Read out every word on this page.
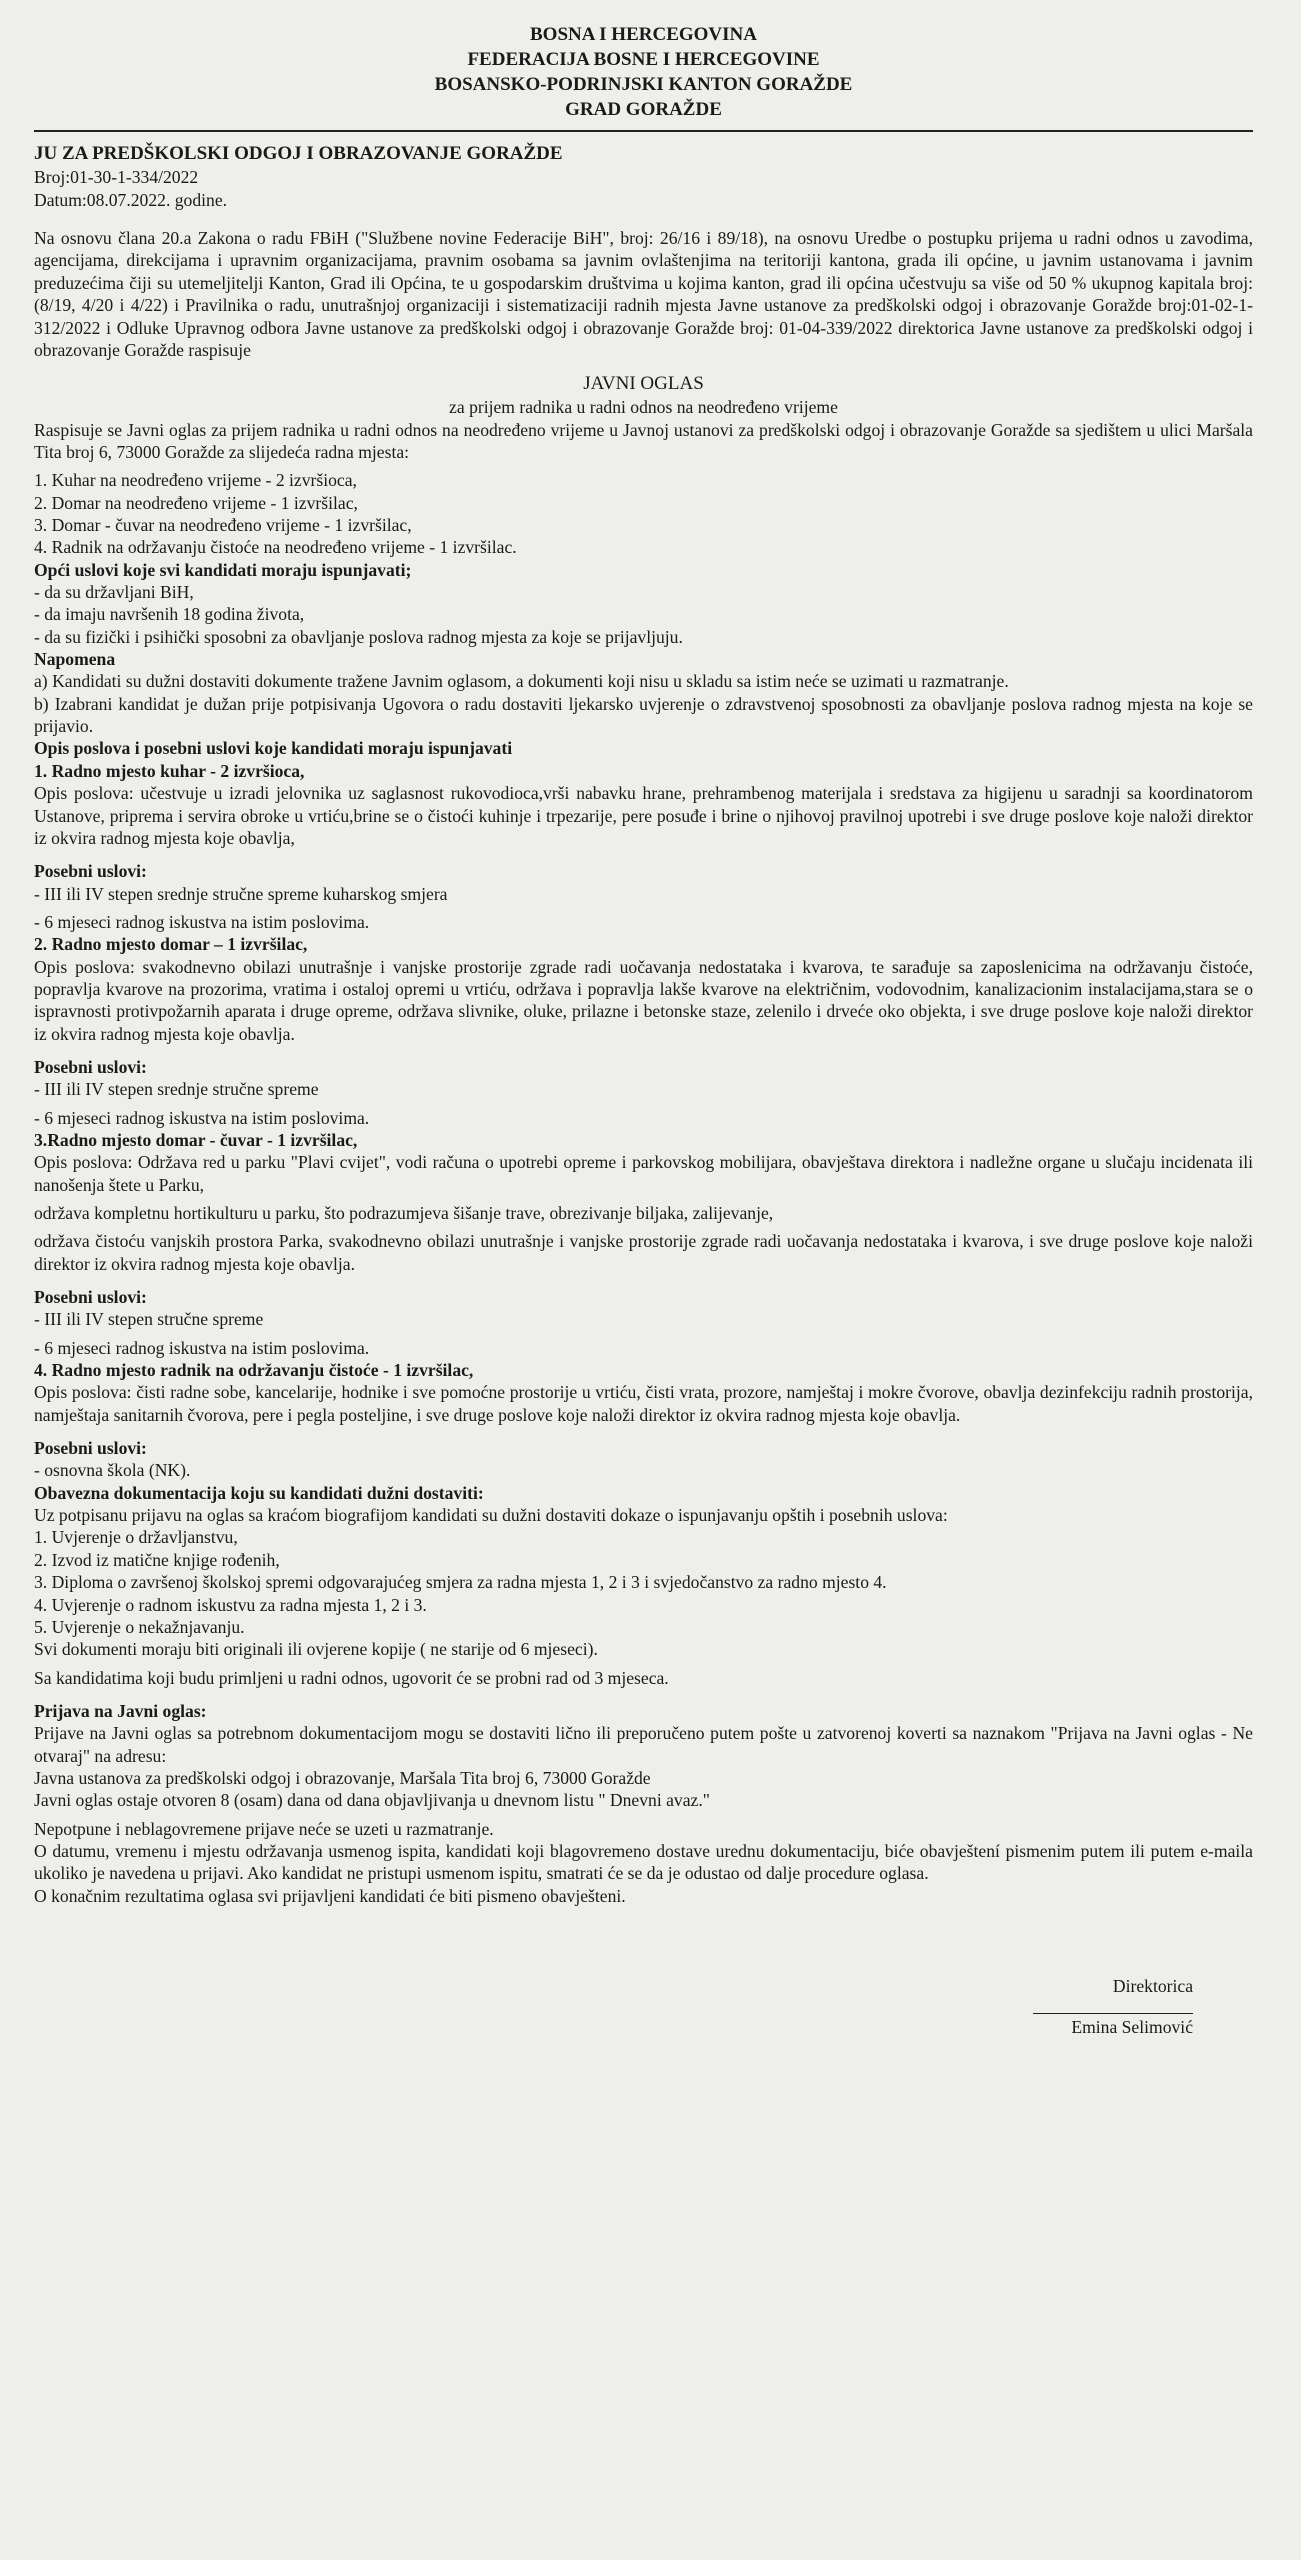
BOSNA I HERCEGOVINA
FEDERACIJA BOSNE I HERCEGOVINE
BOSANSKO-PODRINJSKI KANTON GORAŽDE
GRAD GORAŽDE

JU ZA PREDŠKOLSKI ODGOJ I OBRAZOVANJE GORAŽDE

Broj:01-30-1-334/2022

Datum:08.07.2022. godine.

Na osnovu člana 20.a Zakona o radu FBiH ("Službene novine Federacije BiH", broj: 26/16 i 89/18), na osnovu Uredbe o postupku prijema u radni odnos u zavodima, agencijama, direkcijama i upravnim organizacijama, pravnim osobama sa javnim ovlaštenjima na teritoriji kantona, grada ili općine, u javnim ustanovama i javnim preduzećima čiji su utemeljitelji Kanton, Grad ili Općina, te u gospodarskim društvima u kojima kanton, grad ili općina učestvuju sa više od 50 % ukupnog kapitala broj: (8/19, 4/20 i 4/22) i Pravilnika o radu, unutrašnjoj organizaciji i sistematizaciji radnih mjesta Javne ustanove za predškolski odgoj i obrazovanje Goražde broj:01-02-1-312/2022 i Odluke Upravnog odbora Javne ustanove za predškolski odgoj i obrazovanje Goražde broj: 01-04-339/2022 direktorica Javne ustanove za predškolski odgoj i obrazovanje Goražde raspisuje

JAVNI OGLAS

za prijem radnika u radni odnos na neodređeno vrijeme

Raspisuje se Javni oglas za prijem radnika u radni odnos na neodređeno vrijeme u Javnoj ustanovi za predškolski odgoj i obrazovanje Goražde sa sjedištem u ulici Maršala Tita broj 6, 73000 Goražde za slijedeća radna mjesta:

1. Kuhar na neodređeno vrijeme - 2 izvršioca,

2. Domar na neodređeno vrijeme - 1 izvršilac,

3. Domar - čuvar na neodređeno vrijeme - 1 izvršilac,

4. Radnik na održavanju čistoće na neodređeno vrijeme - 1 izvršilac.

Opći uslovi koje svi kandidati moraju ispunjavati;

- da su državljani BiH,

- da imaju navršenih 18 godina života,

- da su fizički i psihički sposobni za obavljanje poslova radnog mjesta za koje se prijavljuju.

Napomena

a) Kandidati su dužni dostaviti dokumente tražene Javnim oglasom, a dokumenti koji nisu u skladu sa istim neće se uzimati u razmatranje.

b) Izabrani kandidat je dužan prije potpisivanja Ugovora o radu dostaviti ljekarsko uvjerenje o zdravstvenoj sposobnosti za obavljanje poslova radnog mjesta na koje se prijavio.

Opis poslova i posebni uslovi koje kandidati moraju ispunjavati

1. Radno mjesto kuhar - 2 izvršioca,

Opis poslova: učestvuje u izradi jelovnika uz saglasnost rukovodioca,vrši nabavku hrane, prehrambenog materijala i sredstava za higijenu u saradnji sa koordinatorom Ustanove, priprema i servira obroke u vrtiću,brine se o čistoći kuhinje i trpezarije, pere posuđe i brine o njihovoj pravilnoj upotrebi i sve druge poslove koje naloži direktor iz okvira radnog mjesta koje obavlja,

Posebni uslovi:

- III ili IV stepen srednje stručne spreme kuharskog smjera

- 6 mjeseci radnog iskustva na istim poslovima.

2. Radno mjesto domar – 1 izvršilac,

Opis poslova: svakodnevno obilazi unutrašnje i vanjske prostorije zgrade radi uočavanja nedostataka i kvarova, te sarađuje sa zaposlenicima na održavanju čistoće, popravlja kvarove na prozorima, vratima i ostaloj opremi u vrtiću, održava i popravlja lakše kvarove na električnim, vodovodnim, kanalizacionim instalacijama,stara se o ispravnosti protivpožarnih aparata i druge opreme, održava slivnike, oluke, prilazne i betonske staze, zelenilo i drveće oko objekta, i sve druge poslove koje naloži direktor iz okvira radnog mjesta koje obavlja.

Posebni uslovi:

- III ili IV stepen srednje stručne spreme

- 6 mjeseci radnog iskustva na istim poslovima.

3.Radno mjesto domar - čuvar - 1 izvršilac,

Opis poslova: Održava red u parku "Plavi cvijet", vodi računa o upotrebi opreme i parkovskog mobilijara, obavještava direktora i nadležne organe u slučaju incidenata ili nanošenja štete u Parku,

održava kompletnu hortikulturu u parku, što podrazumjeva šišanje trave, obrezivanje biljaka, zalijevanje,

održava čistoću vanjskih prostora Parka, svakodnevno obilazi unutrašnje i vanjske prostorije zgrade radi uočavanja nedostataka i kvarova, i sve druge poslove koje naloži direktor iz okvira radnog mjesta koje obavlja.

Posebni uslovi:

- III ili IV stepen stručne spreme

- 6 mjeseci radnog iskustva na istim poslovima.

4. Radno mjesto radnik na održavanju čistoće - 1 izvršilac,

Opis poslova: čisti radne sobe, kancelarije, hodnike i sve pomoćne prostorije u vrtiću, čisti vrata, prozore, namještaj i mokre čvorove, obavlja dezinfekciju radnih prostorija, namještaja sanitarnih čvorova, pere i pegla posteljine, i sve druge poslove koje naloži direktor iz okvira radnog mjesta koje obavlja.

Posebni uslovi:

- osnovna škola (NK).

Obavezna dokumentacija koju su kandidati dužni dostaviti:

Uz potpisanu prijavu na oglas sa kraćom biografijom kandidati su dužni dostaviti dokaze o ispunjavanju opštih i posebnih uslova:

1. Uvjerenje o državljanstvu,

2. Izvod iz matične knjige rođenih,

3. Diploma o završenoj školskoj spremi odgovarajućeg smjera za radna mjesta 1, 2 i 3 i svjedočanstvo za radno mjesto 4.

4. Uvjerenje o radnom iskustvu za radna mjesta 1, 2 i 3.

5. Uvjerenje o nekažnjavanju.

Svi dokumenti moraju biti originali ili ovjerene kopije ( ne starije od 6 mjeseci).

Sa kandidatima koji budu primljeni u radni odnos, ugovorit će se probni rad od 3 mjeseca.

Prijava na Javni oglas:

Prijave na Javni oglas sa potrebnom dokumentacijom mogu se dostaviti lično ili preporučeno putem pošte u zatvorenoj koverti sa naznakom "Prijava na Javni oglas - Ne otvaraj" na adresu:

Javna ustanova za predškolski odgoj i obrazovanje, Maršala Tita broj 6, 73000 Goražde

Javni oglas ostaje otvoren 8 (osam) dana od dana objavljivanja u dnevnom listu " Dnevni avaz."

Nepotpune i neblagovremene prijave neće se uzeti u razmatranje.

O datumu, vremenu i mjestu održavanja usmenog ispita, kandidati koji blagovremeno dostave urednu dokumentaciju, biće obavještení pismenim putem ili putem e-maila ukoliko je navedena u prijavi. Ako kandidat ne pristupi usmenom ispitu, smatrati će se da je odustao od dalje procedure oglasa.

O konačnim rezultatima oglasa svi prijavljeni kandidati će biti pismeno obavješteni.

Direktorica

Emina Selimović
